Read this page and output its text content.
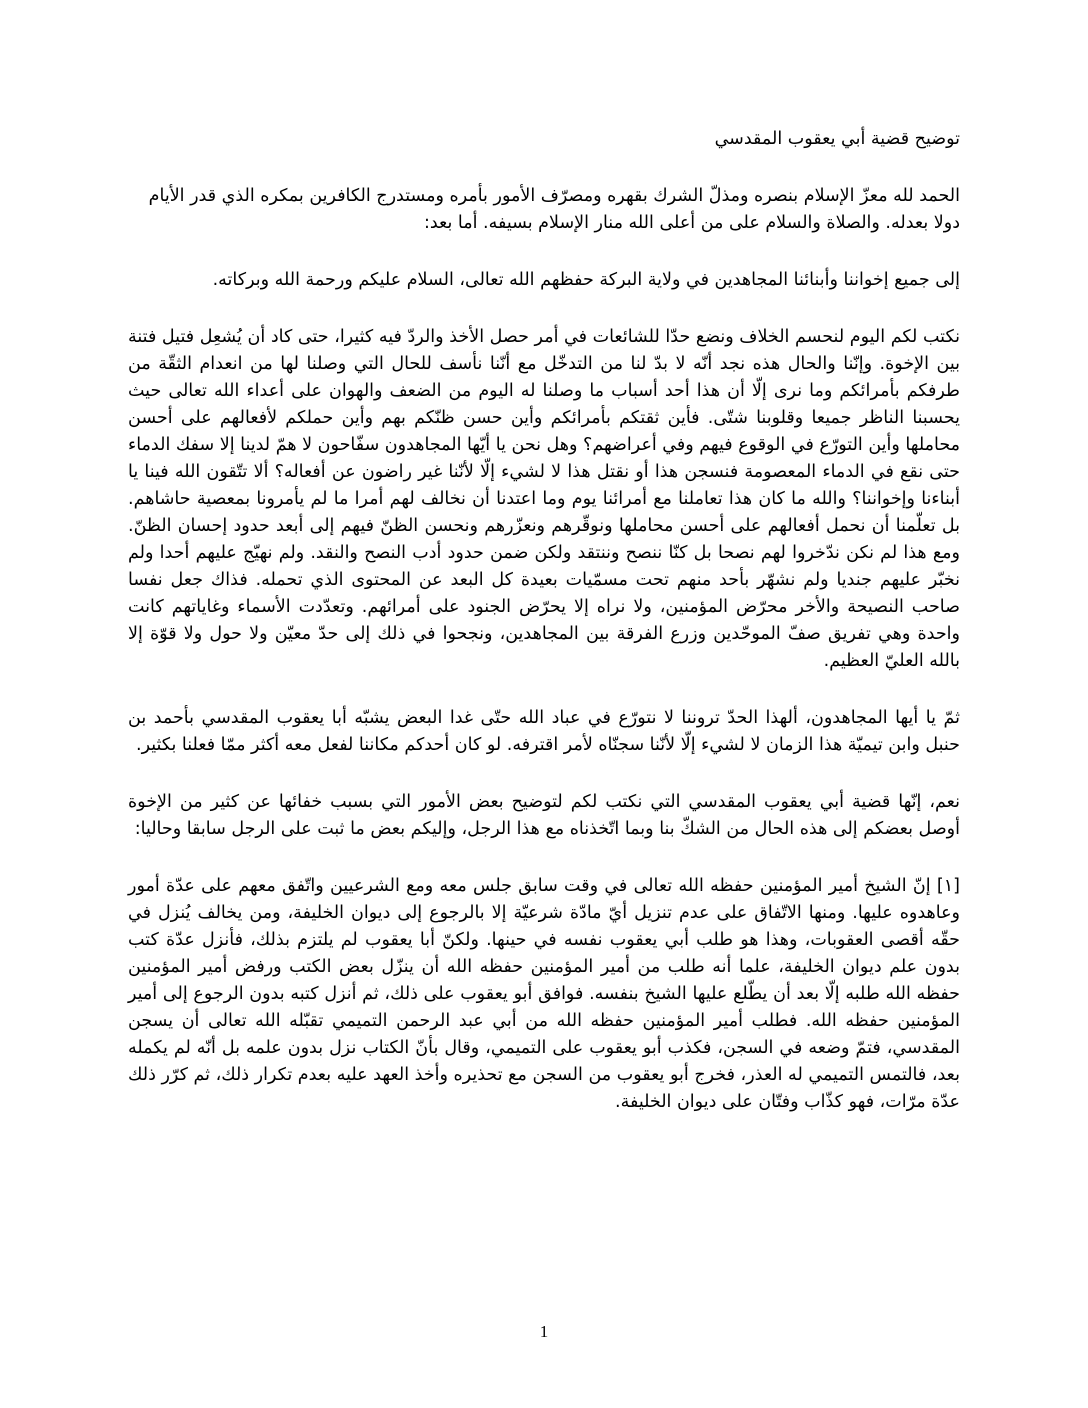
توضيح قضية أبي يعقوب المقدسي

الحمد لله معزّ الإسلام بنصره ومذلّ الشرك بقهره ومصرّف الأمور بأمره ومستدرج الكافرين بمكره الذي قدر الأيام دولا بعدله. والصلاة والسلام على من أعلى الله منار الإسلام بسيفه. أما بعد:

إلى جميع إخواننا وأبنائنا المجاهدين في ولاية البركة حفظهم الله تعالى، السلام عليكم ورحمة الله وبركاته.

نكتب لكم اليوم لنحسم الخلاف ونضع حدّا للشائعات في أمر حصل الأخذ والردّ فيه كثيرا، حتى كاد أن يُشعِل فتيل فتنة بين الإخوة. وإنّنا والحال هذه نجد أنّه لا بدّ لنا من التدخّل مع أنّنا نأسف للحال التي وصلنا لها من انعدام الثقّة من طرفكم بأمرائكم وما نرى إلّا أن هذا أحد أسباب ما وصلنا له اليوم من الضعف والهوان على أعداء الله تعالى حيث يحسبنا الناظر جميعا وقلوبنا شتّى. فأين ثقتكم بأمرائكم وأين حسن ظنّكم بهم وأين حملكم لأفعالهم على أحسن محاملها وأين التورّع في الوقوع فيهم وفي أعراضهم؟ وهل نحن يا أيّها المجاهدون سفّاحون لا همّ لدينا إلا سفك الدماء حتى نقع في الدماء المعصومة فنسجن هذا أو نقتل هذا لا لشيء إلّا لأنّنا غير راضون عن أفعاله؟ ألا تتّقون الله فينا يا أبناءنا وإخواننا؟ والله ما كان هذا تعاملنا مع أمرائنا يوم وما اعتدنا أن نخالف لهم أمرا ما لم يأمرونا بمعصية حاشاهم. بل تعلّمنا أن نحمل أفعالهم على أحسن محاملها ونوقّرهم ونعزّرهم ونحسن الظنّ فيهم إلى أبعد حدود إحسان الظنّ. ومع هذا لم نكن ندّخروا لهم نصحا بل كنّا ننصح وننتقد ولكن ضمن حدود أدب النصح والنقد. ولم نهيّج عليهم أحدا ولم نخبّر عليهم جنديا ولم نشهّر بأحد منهم تحت مسمّيات بعيدة كل البعد عن المحتوى الذي تحمله. فذاك جعل نفسا صاحب النصيحة والأخر محرّض المؤمنين، ولا نراه إلا يحرّض الجنود على أمرائهم. وتعدّدت الأسماء وغاياتهم كانت واحدة وهي تفريق صفّ الموحّدين وزرع الفرقة بين المجاهدين، ونجحوا في ذلك إلى حدّ معيّن ولا حول ولا قوّة إلا بالله العليّ العظيم.

ثمّ يا أيها المجاهدون، ألهذا الحدّ تروننا لا نتورّع في عباد الله حتّى غدا البعض يشبّه أبا يعقوب المقدسي بأحمد بن حنبل وابن تيميّة هذا الزمان لا لشيء إلّا لأنّنا سجنّاه لأمر اقترفه. لو كان أحدكم مكاننا لفعل معه أكثر ممّا فعلنا بكثير.

نعم، إنّها قضية أبي يعقوب المقدسي التي نكتب لكم لتوضيح بعض الأمور التي بسبب خفائها عن كثير من الإخوة أوصل بعضكم إلى هذه الحال من الشكّ بنا وبما اتّخذناه مع هذا الرجل، وإليكم بعض ما ثبت على الرجل سابقا وحاليا:

[١] إنّ الشيخ أمير المؤمنين حفظه الله تعالى في وقت سابق جلس معه ومع الشرعيين واتّفق معهم على عدّة أمور وعاهدوه عليها. ومنها الاتّفاق على عدم تنزيل أيّ مادّة شرعيّة إلا بالرجوع إلى ديوان الخليفة، ومن يخالف يُنزل في حقّه أقصى العقوبات، وهذا هو طلب أبي يعقوب نفسه في حينها. ولكنّ أبا يعقوب لم يلتزم بذلك، فأنزل عدّة كتب بدون علم ديوان الخليفة، علما أنه طلب من أمير المؤمنين حفظه الله أن ينزّل بعض الكتب ورفض أمير المؤمنين حفظه الله طلبه إلّا بعد أن يطّلع عليها الشيخ بنفسه. فوافق أبو يعقوب على ذلك، ثم أنزل كتبه بدون الرجوع إلى أمير المؤمنين حفظه الله. فطلب أمير المؤمنين حفظه الله من أبي عبد الرحمن التميمي تقبّله الله تعالى أن يسجن المقدسي، فتمّ وضعه في السجن، فكذب أبو يعقوب على التميمي، وقال بأنّ الكتاب نزل بدون علمه بل أنّه لم يكمله بعد، فالتمس التميمي له العذر، فخرج أبو يعقوب من السجن مع تحذيره وأخذ العهد عليه بعدم تكرار ذلك، ثم كرّر ذلك عدّة مرّات، فهو كذّاب وفتّان على ديوان الخليفة.

1
